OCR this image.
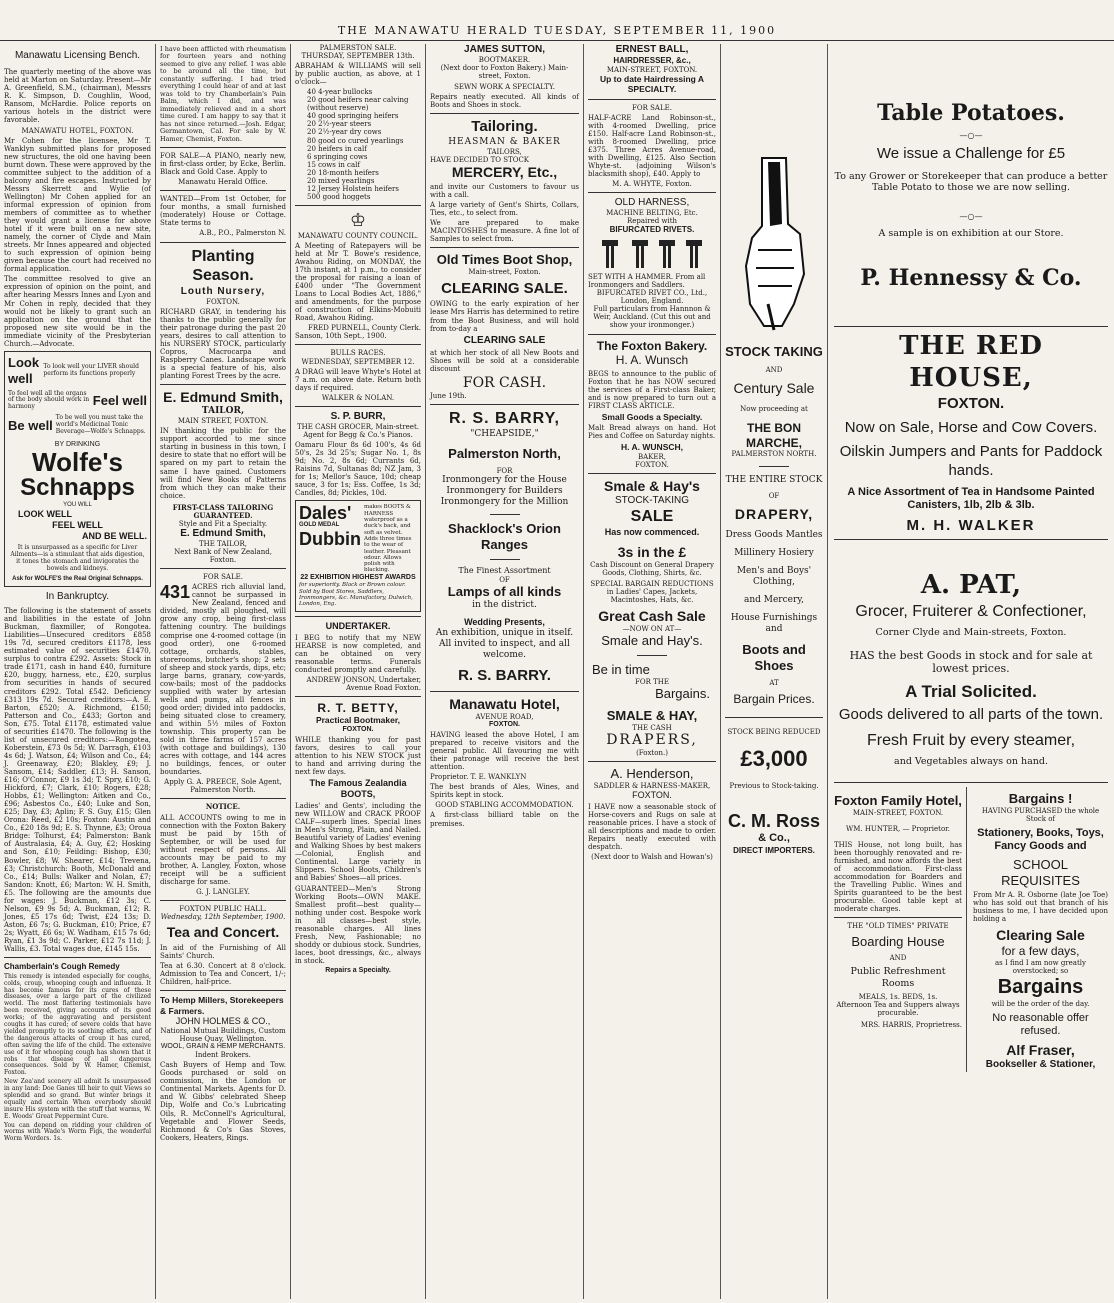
THE MANAWATU HERALD TUESDAY, SEPTEMBER 11, 1900
Manawatu Licensing Bench.

The quarterly meeting of the above was held at Marton on Saturday. Present—Mr A. Greenfield, S.M., (chairman), Messrs R. K. Simpson, D. Coughlin, Wood, Ransom, McHardie. Police reports on various hotels in the district were favorable.

MANAWATU HOTEL, FOXTON.

Mr Cohen for the licensee, Mr T. Wanklyn submitted plans for proposed new structures, the old one having been burnt down. These were approved by the committee subject to the addition of a balcony and fire escapes. Instructed by Messrs Skerrett and Wylie (of Wellington) Mr Cohen applied for an informal expression of opinion from members of committee as to whether they would grant a license for above hotel if it were built on a new site, namely, the corner of Clyde and Main streets. Mr Innes appeared and objected to such expression of opinion being given because the court had received no formal application.

The committee resolved to give an expression of opinion on the point, and after hearing Messrs Innes and Lyon and Mr Cohen in reply, decided that they would not be likely to grant such an application on the ground that the proposed new site would be in the immediate vicinity of the Presbyterian Church.—Advocate.

Look well
To look well your LIVER should perform its functions properly
To feel well all the organs of the body should work in harmony	Feel well
Be well To be well you must take the world's Medicinal Tonic Beverage—Wolfe's Schnapps.
BY DRINKING
Wolfe's
Schnapps
YOU WILL
LOOK WELL
FEEL WELL
AND BE WELL.
It is unsurpassed as a specific for Liver Ailments—is a stimulant that aids digestion, it tones the stomach and invigorates the bowels and kidneys.
Ask for WOLFE'S the Real Original Schnapps.
In Bankruptcy.

The following is the statement of assets and liabilities in the estate of John Buckman, flaxmiller, of Rongotea. Liabilities—Unsecured creditors £858 19s 7d, secured creditors £1178, less estimated value of securities £1470, surplus to contra £292. Assets: Stock in trade £171, cash in hand £40, furniture £20, buggy, harness, etc., £20, surplus from securities in hands of secured creditors £292. Total £542. Deficiency £313 19s 7d. Secured creditors:—A. E. Barton, £520; A. Richmond, £150; Patterson and Co., £433; Gorton and Son, £75. Total £1178, estimated value of securities £1470. The following is the list of unsecured creditors:—Rongotea, Koberstein, £73 0s 5d; W. Darragh, £103 4s 6d; J. Watson, £4; Wilson and Co., £4; J. Greenaway, £20; Blakley, £9; J. Sansom, £14; Saddler, £13; H. Sanson, £16; O'Connor, £9 1s 3d; T. Spry, £10; G. Hickford, £7; Clark, £10; Rogers, £28; Hobbs, £1; Wellington: Aitken and Co., £96; Asbestos Co., £40; Luke and Son, £25; Day, £3; Aplin; F. S. Guy, £15; Glen Orona: Reed, £2 10s; Foxton: Austin and Co., £20 18s 9d; E. S. Thynne, £3; Oroua Bridge: Tolhurst, £4; Palmerston: Bank of Australasia, £4; A. Guy, £2; Hosking and Son, £10; Feilding: Bishop, £30; Bowler, £8; W. Shearer, £14; Trevena, £3; Christchurch: Booth, McDonald and Co., £14; Bulls: Walker and Nolan, £7; Sandon: Knott, £6; Marton: W. H. Smith, £5. The following are the amounts due for wages: J. Buckman, £12 3s; C. Nelson, £9 9s 5d; A. Buckman, £12; R. Jones, £5 17s 6d; Twist, £24 13s; D. Aston, £6 7s; G. Buckman, £10; Price, £7 2s; Wyatt, £6 6s; W. Wadham, £15 7s 6d; Ryan, £1 3s 9d; C. Parker, £12 7s 11d; J. Wallis, £3. Total wages due, £145 15s.

Chamberlain's Cough Remedy

This remedy is intended especially for coughs, colds, croup, whooping cough and influenza. It has become famous for its cures of these diseases, over a large part of the civilized world. The most flattering testimonials have been received, giving accounts of its good works; of the aggravating and persistent coughs it has cured; of severe colds that have yielded promptly to its soothing effects, and of the dangerous attacks of croup it has cured, often saving the life of the child. The extensive use of it for whooping cough has shown that it robs that disease of all dangerous consequences. Sold by W. Hamer, Chemist, Foxton.

New Zea'and scenery all admit Is unsurpassed in any land: Doe Ganes till heir to quit Views so splendid and so grand. But winter brings it equally and certain When everybody should insure His system with the stuff that warms, W. E. Woods' Great Peppermint Cure.

You can depend on ridding your children of worms with Wade's Worm Figs, the wonderful Worm Worders. 1s.

I have been afflicted with rheumatism for fourteen years and nothing seemed to give any relief. I was able to be around all the time, but constantly suffering. I had tried everything I could hear of and at last was told to try Chamberlain's Pain Balm, which I did, and was immediately relieved and in a short time cured. I am happy to say that it has not since returned.—Josh. Edgar, Germantown, Cal. For sale by W. Hamer, Chemist, Foxton.

FOR SALE—A PIANO, nearly new, in first-class order, by Ecke, Berlin. Black and Gold Case. Apply to

Manawatu Herald Office.

WANTED—From 1st October, for four months, a small furnished (moderately) House or Cottage. State terms to

A.B., P.O., Palmerston N.
Planting Season.
Louth Nursery,
FOXTON.

RICHARD GRAY, in tendering his thanks to the public generally for their patronage during the past 20 years, desires to call attention to his NURSERY STOCK, particularly Copros, Macrocarpa and Raspberry Canes. Landscape work is a special feature of his, also planting Forest Trees by the acre.

E. Edmund Smith,
TAILOR,
MAIN STREET, FOXTON.

IN thanking the public for the support accorded to me since starting in business in this town, I desire to state that no effort will be spared on my part to retain the same I have gained. Customers will find New Books of Patterns from which they can make their choice.

FIRST-CLASS TAILORING GUARANTEED.
Style and Fit a Specialty.
E. Edmund Smith,
THE TAILOR,
Next Bank of New Zealand, Foxton.
FOR SALE.

431 ACRES rich alluvial land, cannot be surpassed in New Zealand, fenced and divided, mostly all ploughed, will grow any crop, being first-class fattening country. The buildings comprise one 4-roomed cottage (in good order), one 6-roomed cottage, orchards, stables, storerooms, butcher's shop; 2 sets of sheep and stock yards, dips, etc; large barns, granary, cow-yards, cow-bails; most of the paddocks supplied with water by artesian wells and pumps, all fences in good order; divided into paddocks, being situated close to creamery, and within 5½ miles of Foxton township. This property can be sold in three farms of 157 acres (with cottage and buildings), 130 acres with cottage, and 144 acres no buildings, fences, or outer boundaries.

Apply G. A. PREECE, Sole Agent, Palmerston North.
NOTICE.

ALL ACCOUNTS owing to me in connection with the Foxton Bakery must be paid by 15th of September, or will be used for without respect of persons. All accounts may be paid to my brother, A. Langley, Foxton, whose receipt will be a sufficient discharge for same.

G. J. LANGLEY.
FOXTON PUBLIC HALL.
Wednesday, 12th September, 1900.
Tea and Concert.

In aid of the Furnishing of All Saints' Church.

Tea at 6.30. Concert at 8 o'clock. Admission to Tea and Concert, 1/-; Children, half-price.

To Hemp Millers, Storekeepers & Farmers.
JOHN HOLMES & CO.,
National Mutual Buildings, Custom House Quay, Wellington.
WOOL, GRAIN & HEMP MERCHANTS.
Indent Brokers.

Cash Buyers of Hemp and Tow. Goods purchased or sold on commission, in the London or Continental Markets. Agents for D. and W. Gibbs' celebrated Sheep Dip, Wolfe and Co.'s Lubricating Oils, R. McConnell's Agricultural, Vegetable and Flower Seeds, Richmond & Co's Gas Stoves, Cookers, Heaters, Rings.

PALMERSTON SALE.
THURSDAY, SEPTEMBER 13th.

ABRAHAM & WILLIAMS will sell by public auction, as above, at 1 o'clock—

40 4-year bullocks
20 good heifers near calving (without reserve)
40 good springing heifers
20 2½-year steers
20 2½-year dry cows
80 good co cured yearlings
20 heifers in calf
6 springing cows
15 cows in calf
20 18-month heifers
20 mixed yearlings
12 Jersey Holstein heifers
500 good hoggets
♔
MANAWATU COUNTY COUNCIL.

A Meeting of Ratepayers will be held at Mr T. Bowe's residence, Awahou Riding, on MONDAY, the 17th instant, at 1 p.m., to consider the proposal for raising a loan of £400 under "The Government Loans to Local Bodies Act, 1886," and amendments, for the purpose of construction of Elkins-Mobuiti Road, Awahou Riding.

FRED PURNELL, County Clerk.
Sanson, 10th Sept., 1900.
BULLS RACES.
WEDNESDAY, SEPTEMBER 12.

A DRAG will leave Whyte's Hotel at 7 a.m. on above date. Return both days if required.

WALKER & NOLAN.
S. P. BURR,
THE CASH GROCER, Main-street.
Agent for Begg & Co.'s Pianos.

Oamaru Flour 8s 6d 100's, 4s 6d 50's, 2s 3d 25's; Sugar No. 1, 8s 9d; No. 2, 8s 6d; Currants 6d, Raisins 7d, Sultanas 8d; NZ Jam, 3 for 1s; Mellor's Sauce, 10d; cheap sauce, 3 for 1s; Ess. Coffee, 1s 3d; Candles, 8d; Pickles, 10d.

Dales'
GOLD MEDAL
Dubbin
makes BOOTS & HARNESS waterproof as a duck's back, and soft as velvet. Adds three times to the wear of leather. Pleasant odour. Allows polish with blacking.
22 EXHIBITION HIGHEST AWARDS
for superiority. Black or Brown colour. Sold by Boot Stores, Saddlers, Ironmongers, &c. Manufactory, Dulwich, London, Eng.
UNDERTAKER.

I BEG to notify that my NEW HEARSE is now completed, and can be obtained on very reasonable terms. Funerals conducted promptly and carefully.

ANDREW JONSON, Undertaker, Avenue Road Foxton.
R. T. BETTY,
Practical Bootmaker,
FOXTON.

WHILE thanking you for past favors, desires to call your attention to his NEW STOCK just to hand and arriving during the next few days.

The Famous Zealandia BOOTS,

Ladies' and Gents', including the new WILLOW and CRACK PROOF CALF—superb lines. Special lines in Men's Strong, Plain, and Nailed. Beautiful variety of Ladies' evening and Walking Shoes by best makers—Colonial, English and Continental. Large variety in Slippers. School Boots, Children's and Babies' Shoes—all prices.

GUARANTEED—Men's Strong Working Boots—OWN MAKE. Smallest profit—best quality—nothing under cost. Bespoke work in all classes—best style, reasonable charges. All lines Fresh, New, Fashionable; no shoddy or dubious stock. Sundries, laces, boot dressings, &c., always in stock.

Repairs a Specialty.
JAMES SUTTON,
BOOTMAKER.
(Next door to Foxton Bakery.) Main-street, Foxton.
SEWN WORK A SPECIALTY.

Repairs neatly executed. All kinds of Boots and Shoes in stock.

Tailoring.
HEASMAN & BAKER
TAILORS,
HAVE DECIDED TO STOCK
MERCERY, Etc.,

and invite our Customers to favour us with a call.

A large variety of Gent's Shirts, Collars, Ties, etc., to select from.

We are prepared to make MACINTOSHES to measure. A fine lot of Samples to select from.

Old Times Boot Shop,
Main-street, Foxton.
CLEARING SALE.

OWING to the early expiration of her lease Mrs Harris has determined to retire from the Boot Business, and will hold from to-day a

CLEARING SALE

at which her stock of all New Boots and Shoes will be sold at a considerable discount

FOR CASH.
June 19th.
R. S. BARRY,
"CHEAPSIDE,"
Palmerston North,
FOR
Ironmongery for the House
Ironmongery for Builders
Ironmongery for the Million
Shacklock's Orion Ranges
The Finest Assortment
OF
Lamps of all kinds
in the district.
Wedding Presents,
An exhibition, unique in itself.
All invited to inspect, and all welcome.
R. S. BARRY.
Manawatu Hotel,
AVENUE ROAD,
FOXTON.

HAVING leased the above Hotel, I am prepared to receive visitors and the general public. All favouring me with their patronage will receive the best attention.

Proprietor. T. E. WANKLYN

The best brands of Ales, Wines, and Spirits kept in stock.

GOOD STABLING ACCOMMODATION.

A first-class billiard table on the premises.

ERNEST BALL,
HAIRDRESSER, &c.,
MAIN-STREET, FOXTON.
Up to date Hairdressing A SPECIALTY.
FOR SALE.

HALF-ACRE Land Robinson-st., with 4-roomed Dwelling, price £150. Half-acre Land Robinson-st., with 8-roomed Dwelling, price £375. Three Acres Avenue-road, with Dwelling, £125. Also Section Whyte-st. (adjoining Wilson's blacksmith shop), £40. Apply to

M. A. WHYTE, Foxton.
OLD HARNESS,
MACHINE BELTING, Etc.
Repaired with
BIFURCATED RIVETS.
SET WITH A HAMMER. From all Ironmongers and Saddlers.
BIFURCATED RIVET CO., Ltd., London, England.
Full particulars from Hannnon & Weir, Auckland. (Cut this out and show your ironmonger.)
The Foxton Bakery.
H. A. Wunsch

BEGS to announce to the public of Foxton that he has NOW secured the services of a First-class Baker, and is now prepared to turn out a FIRST CLASS ARTICLE.

Small Goods a Specialty.

Malt Bread always on hand. Hot Pies and Coffee on Saturday nights.

H. A. WUNSCH,
BAKER,
FOXTON.
Smale & Hay's
STOCK-TAKING
SALE
Has now commenced.
3s in the £
Cash Discount on General Drapery Goods, Clothing, Shirts, &c.
SPECIAL BARGAIN REDUCTIONS in Ladies' Capes, Jackets, Macintoshes, Hats, &c.
Great Cash Sale
—NOW ON AT—
Smale and Hay's.
Be in time
FOR THE
Bargains.
SMALE & HAY,
THE CASH
DRAPERS,
(Foxton.)
A. Henderson,
SADDLER & HARNESS-MAKER,
FOXTON.

I HAVE now a seasonable stock of Horse-covers and Rugs on sale at reasonable prices. I have a stock of all descriptions and made to order. Repairs neatly executed with despatch.

(Next door to Walsh and Howan's)
STOCK TAKING
AND
Century Sale
Now proceeding at
THE BON MARCHE,
PALMERSTON NORTH.
THE ENTIRE STOCK
OF
DRAPERY,
Dress Goods Mantles
Millinery Hosiery
Men's and Boys' Clothing,
and Mercery,
House Furnishings and
Boots and Shoes
AT
Bargain Prices.
STOCK BEING REDUCED
£3,000
Previous to Stock-taking.
C. M. Ross
& Co.,
DIRECT IMPORTERS.
Table Potatoes.
—○—
We issue a Challenge for £5
To any Grower or Storekeeper that can produce a better Table Potato to those we are now selling.
—○—
A sample is on exhibition at our Store.
P. Hennessy & Co.
THE RED HOUSE,
FOXTON.
Now on Sale, Horse and Cow Covers.
Oilskin Jumpers and Pants for Paddock hands.
A Nice Assortment of Tea in Handsome Painted Canisters, 1lb, 2lb & 3lb.
M. H. WALKER
A. PAT,
Grocer, Fruiterer & Confectioner,
Corner Clyde and Main-streets, Foxton.
HAS the best Goods in stock and for sale at lowest prices.
A Trial Solicited.
Goods delivered to all parts of the town.
Fresh Fruit by every steamer,
and Vegetables always on hand.
Foxton Family Hotel,
MAIN-STREET, FOXTON.
WM. HUNTER, — Proprietor.

THIS House, not long built, has been thoroughly renovated and re-furnished, and now affords the best of accommodation. First-class accommodation for Boarders and the Travelling Public. Wines and Spirits guaranteed to be the best procurable. Good table kept at moderate charges.

THE "OLD TIMES" PRIVATE
Boarding House
AND
Public Refreshment Rooms
MEALS, 1s. BEDS, 1s.
Afternoon Tea and Suppers always procurable.
MRS. HARRIS, Proprietress.
Bargains !
HAVING PURCHASED the whole Stock of
Stationery, Books, Toys, Fancy Goods and
SCHOOL REQUISITES

From Mr A. R. Osborne (late Joe Toe) who has sold out that branch of his business to me, I have decided upon holding a

Clearing Sale
for a few days,
as I find I am now greatly overstocked; so
Bargains
will be the order of the day.
No reasonable offer refused.
Alf Fraser,
Bookseller & Stationer,
